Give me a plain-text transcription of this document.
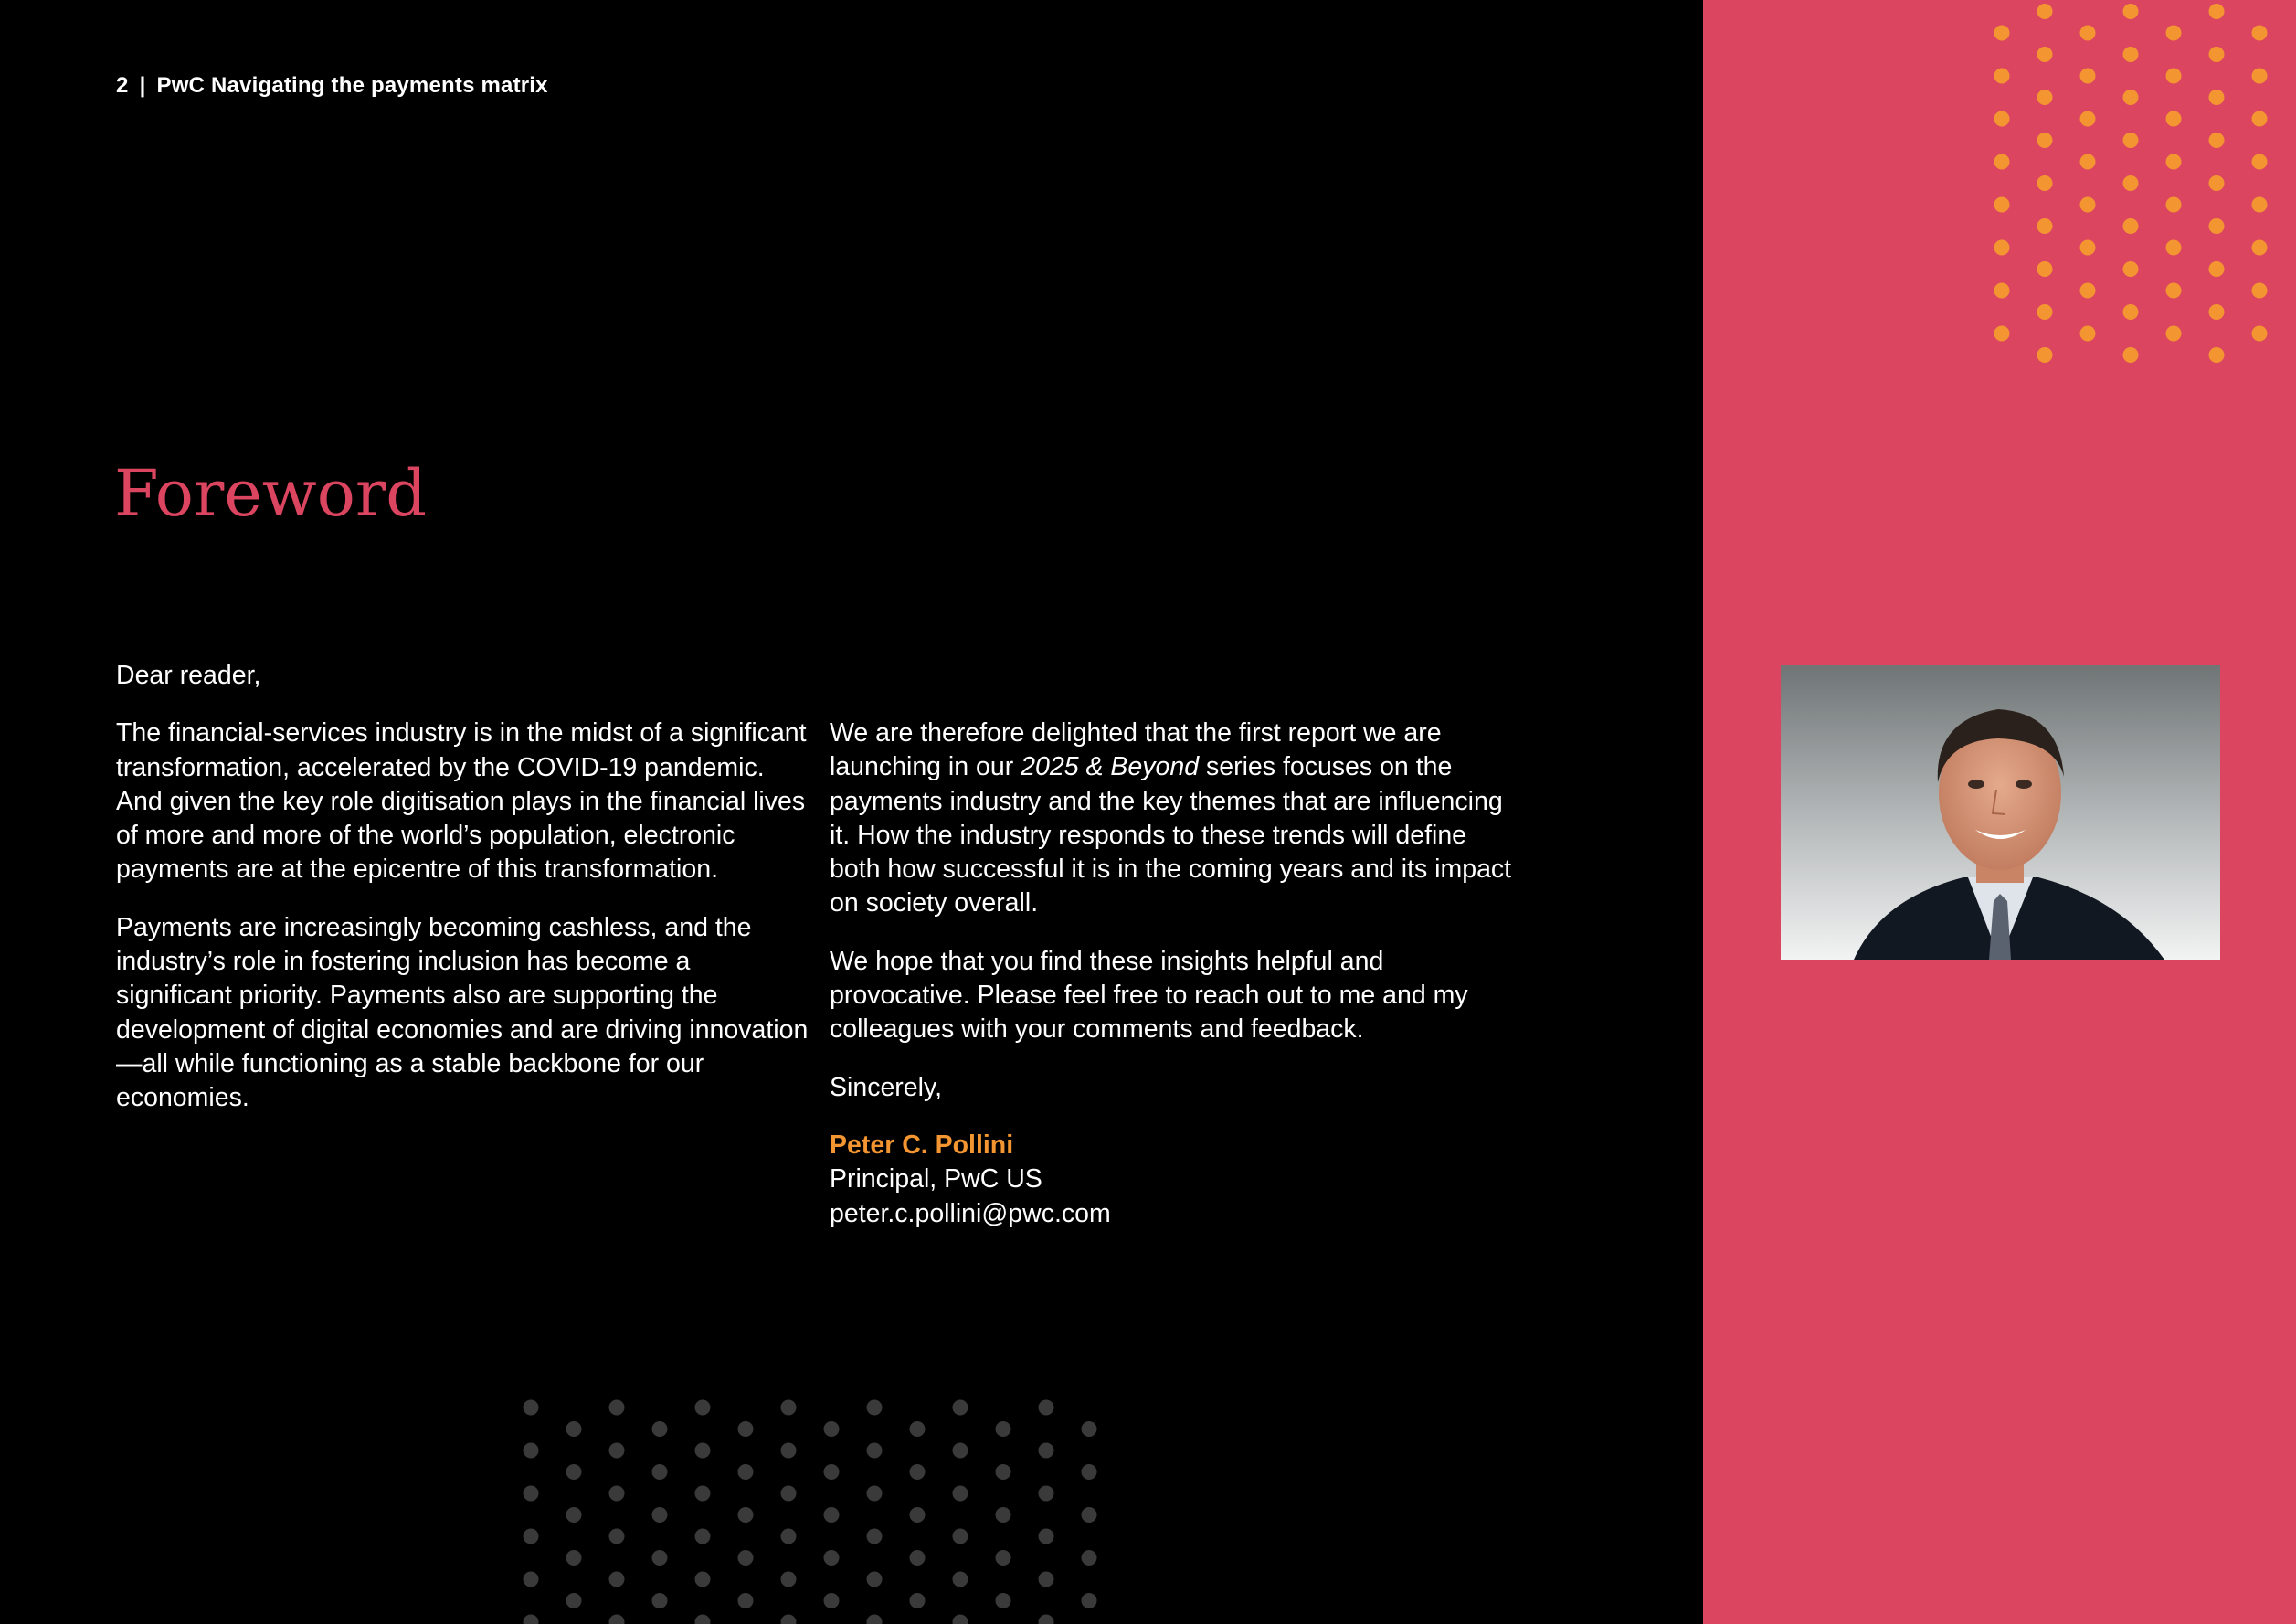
2 | PwC Navigating the payments matrix
Foreword

Dear reader,

The financial-services industry is in the midst of a significant transformation, accelerated by the COVID-19 pandemic. And given the key role digitisation plays in the financial lives of more and more of the world’s population, electronic payments are at the epicentre of this transformation.

Payments are increasingly becoming cashless, and the industry’s role in fostering inclusion has become a significant priority. Payments also are supporting the development of digital economies and are driving innovation—all while functioning as a stable backbone for our economies.

We are therefore delighted that the first report we are launching in our 2025 & Beyond series focuses on the payments industry and the key themes that are influencing it. How the industry responds to these trends will define both how successful it is in the coming years and its impact on society overall.

We hope that you find these insights helpful and provocative. Please feel free to reach out to me and my colleagues with your comments and feedback.

Sincerely,

Peter C. Pollini

Principal, PwC US

peter.c.pollini@pwc.com
